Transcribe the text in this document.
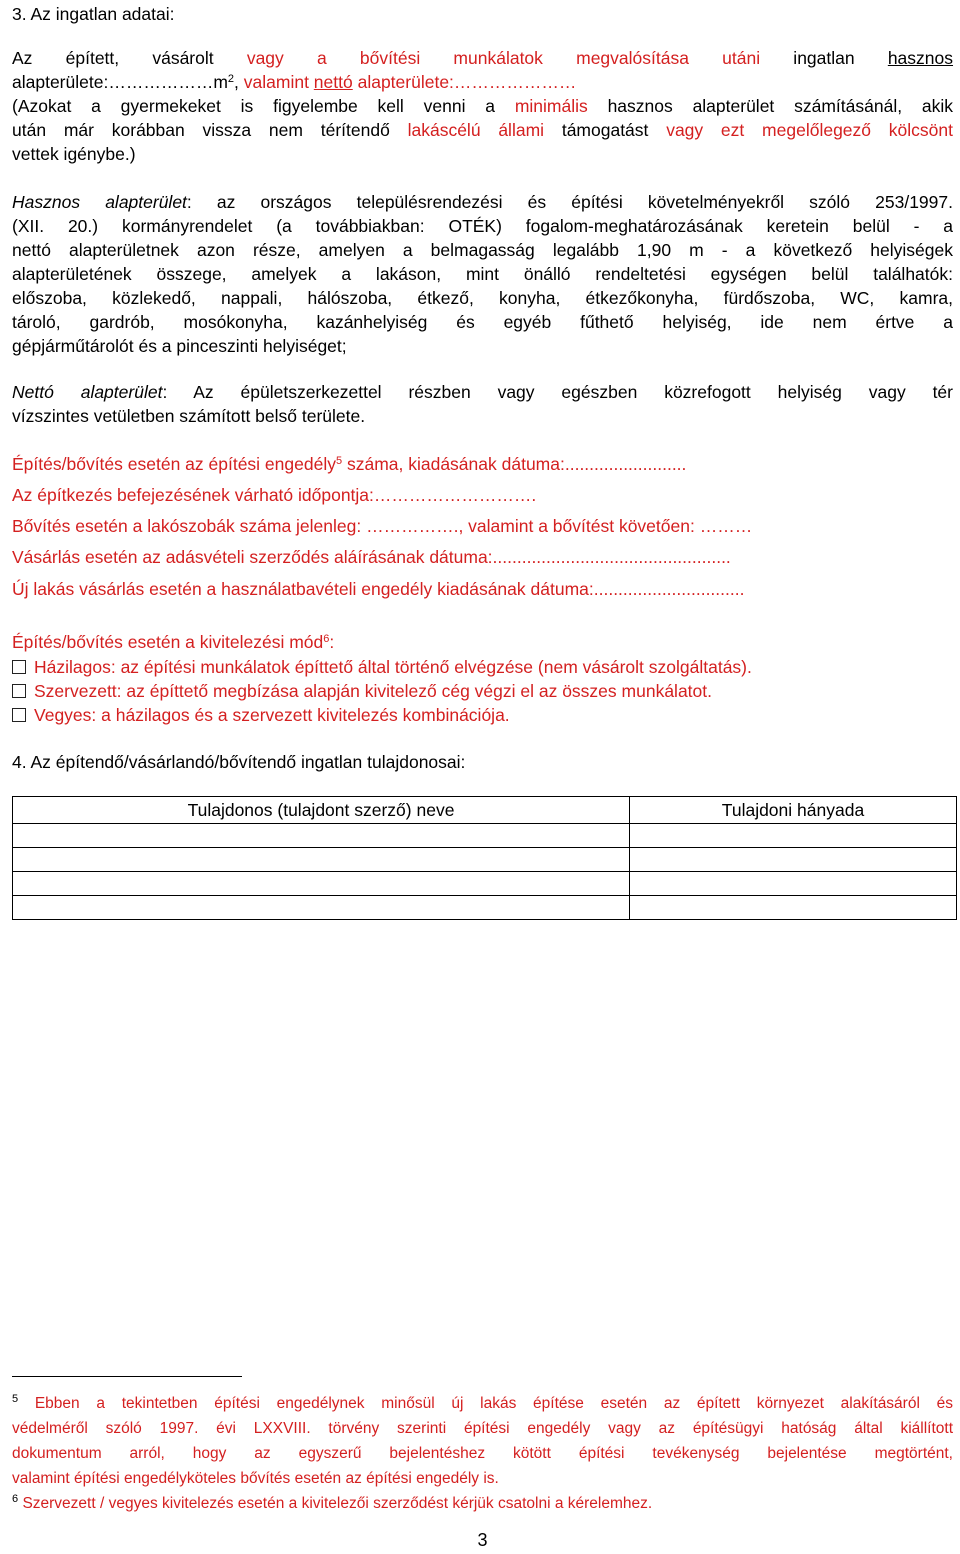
3. Az ingatlan adatai:
Az épített, vásárolt vagy a bővítési munkálatok megvalósítása utáni ingatlan hasznos
$alapterülete:\dots\dots\dots\dots\dots\dots m^2$, valamint nettó alapterülete:…………………
(Azokat a gyermekeket is figyelembe kell venni a minimális hasznos alapterület számításánál, akik
után már korábban vissza nem térítendő lakáscélú állami támogatást vagy ezt megelőlegező kölcsönt
vettek igénybe.)
Hasznos alapterület: az országos településrendezési és építési követelményekről szóló 253/1997.
(XII. 20.) kormányrendelet (a továbbiakban: OTÉK) fogalom-meghatározásának keretein belül - a
nettó alapterületnek azon része, amelyen a belmagasság legalább 1,90 m - a következő helyiségek
alapterületének összege, amelyek a lakáson, mint önálló rendeltetési egységen belül találhatók:
előszoba, közlekedő, nappali, hálószoba, étkező, konyha, étkezőkonyha, fürdőszoba, WC, kamra,
tároló, gardrób, mosókonyha, kazánhelyiség és egyéb fűthető helyiség, ide nem értve a
gépjárműtárolót és a pinceszinti helyiséget;
Nettó alapterület: Az épületszerkezettel részben vagy egészben közrefogott helyiség vagy tér
vízszintes vetületben számított belső területe.
Építés/bővítés esetén az építési engedély$^5$ száma, kiadásának dátuma:.........................
Az építkezés befejezésének várható időpontja:……………………….
Bővítés esetén a lakószobák száma jelenleg: ……………., valamint a bővítést követően: ………
Vásárlás esetén az adásvételi szerződés aláírásának dátuma:.................................................
Új lakás vásárlás esetén a használatbavételi engedély kiadásának dátuma:...............................
Építés/bővítés esetén a kivitelezési mód$^6$:
Házilagos: az építési munkálatok építtető által történő elvégzése (nem vásárolt szolgáltatás).
Szervezett: az építtető megbízása alapján kivitelező cég végzi el az összes munkálatot.
Vegyes: a házilagos és a szervezett kivitelezés kombinációja.
4. Az építendő/vásárlandó/bővítendő ingatlan tulajdonosai:
Tulajdonos (tulajdont szerző) neve	Tulajdoni hányada

$^5$ Ebben a tekintetben építési engedélynek minősül új lakás építése esetén az épített környezet alakításáról és
védelméről szóló 1997. évi LXXVIII. törvény szerinti építési engedély vagy az építésügyi hatóság által kiállított
dokumentum arról, hogy az egyszerű bejelentéshez kötött építési tevékenység bejelentése megtörtént,
valamint építési engedélyköteles bővítés esetén az építési engedély is.
$^6$ Szervezett / vegyes kivitelezés esetén a kivitelezői szerződést kérjük csatolni a kérelemhez.
3
